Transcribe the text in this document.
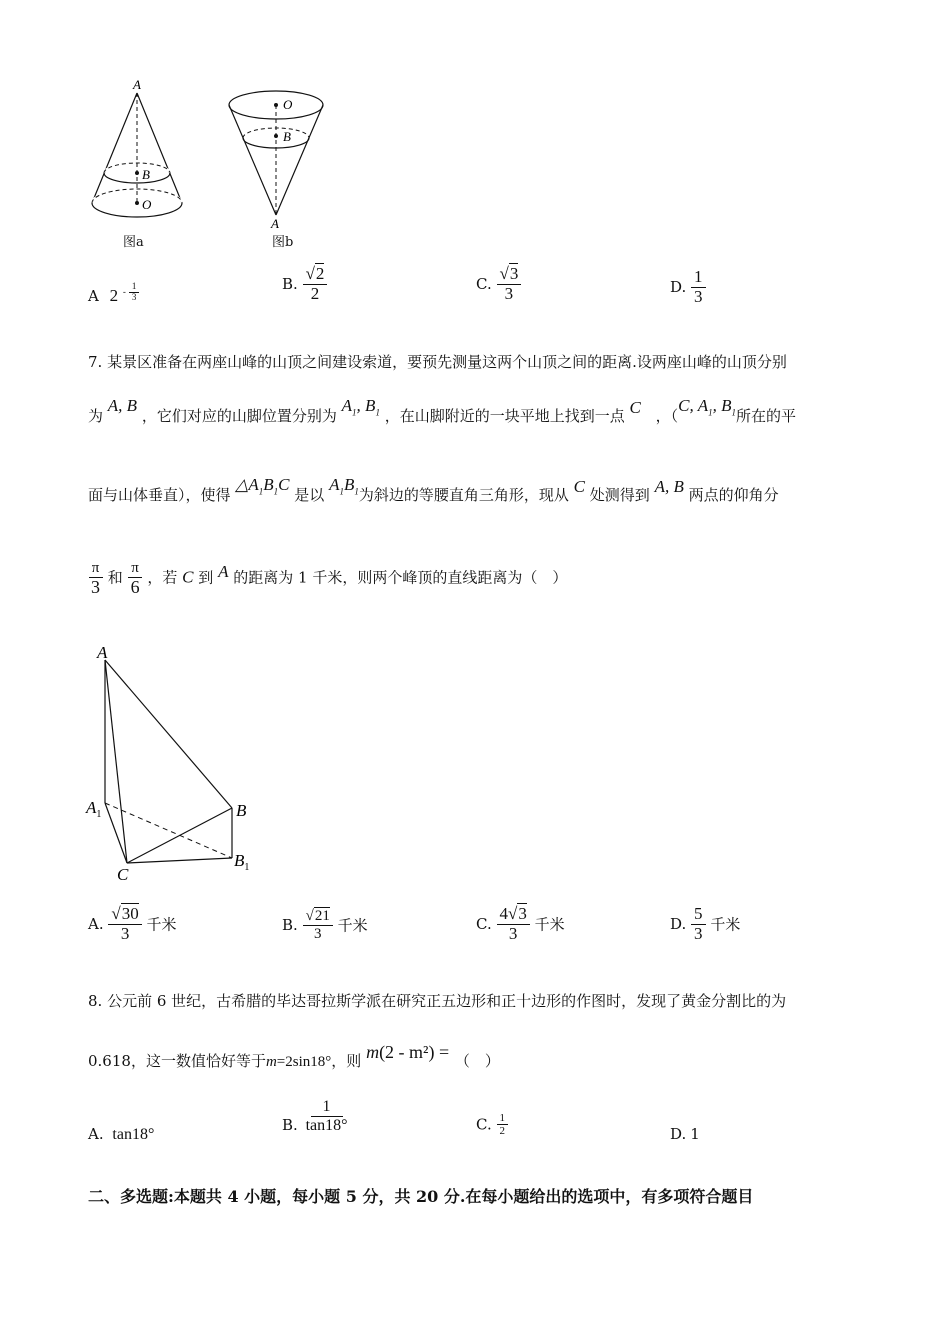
A
B
O
图a
O
B
A
图b
A $2 - \frac{1}{3}$	B. $\frac{√2}{2}$	C. $\frac{√3}{3}$	D. $\frac{1}{3}$
7. 某景区准备在两座山峰的山顶之间建设索道，要预先测量这两个山顶之间的距离.设两座山峰的山顶分别
为 A, B ，它们对应的山脚位置分别为 $A_1$, $B_1$ ，在山脚附近的一块平地上找到一点 C ，（C, $A_1$, $B_1$所在的平
面与山体垂直），使得 $\triangle A_1B_1C$ 是以 $A_1B_1$为斜边的等腰直角三角形，现从 C 处测得到 A, B 两点的仰角分
$\frac{\pi}{3}$ 和 $\frac{\pi}{6}$ ，若 C 到 A 的距离为 1 千米，则两个峰顶的直线距离为（　）
A
$A_1$	B
$B_1$
C
A. $\frac{√30}{3}$ 千米	B. $\frac{√21}{3}$ 千米	C. $\frac{4√3}{3}$ 千米	D. $\frac{5}{3}$ 千米
8. 公元前 6 世纪，古希腊的毕达哥拉斯学派在研究正五边形和正十边形的作图时，发现了黄金分割比的为
0.618，这一数值恰好等于m=2sin18°，则 m(2 - m²) = （　）
A. tan18°
B. $\frac{1}{\tan 18^\circ}$	C. $\frac{1}{2}$	D. 1
二、多选题:本题共 4 小题，每小题 5 分，共 20 分.在每小题给出的选项中，有多项符合题目
